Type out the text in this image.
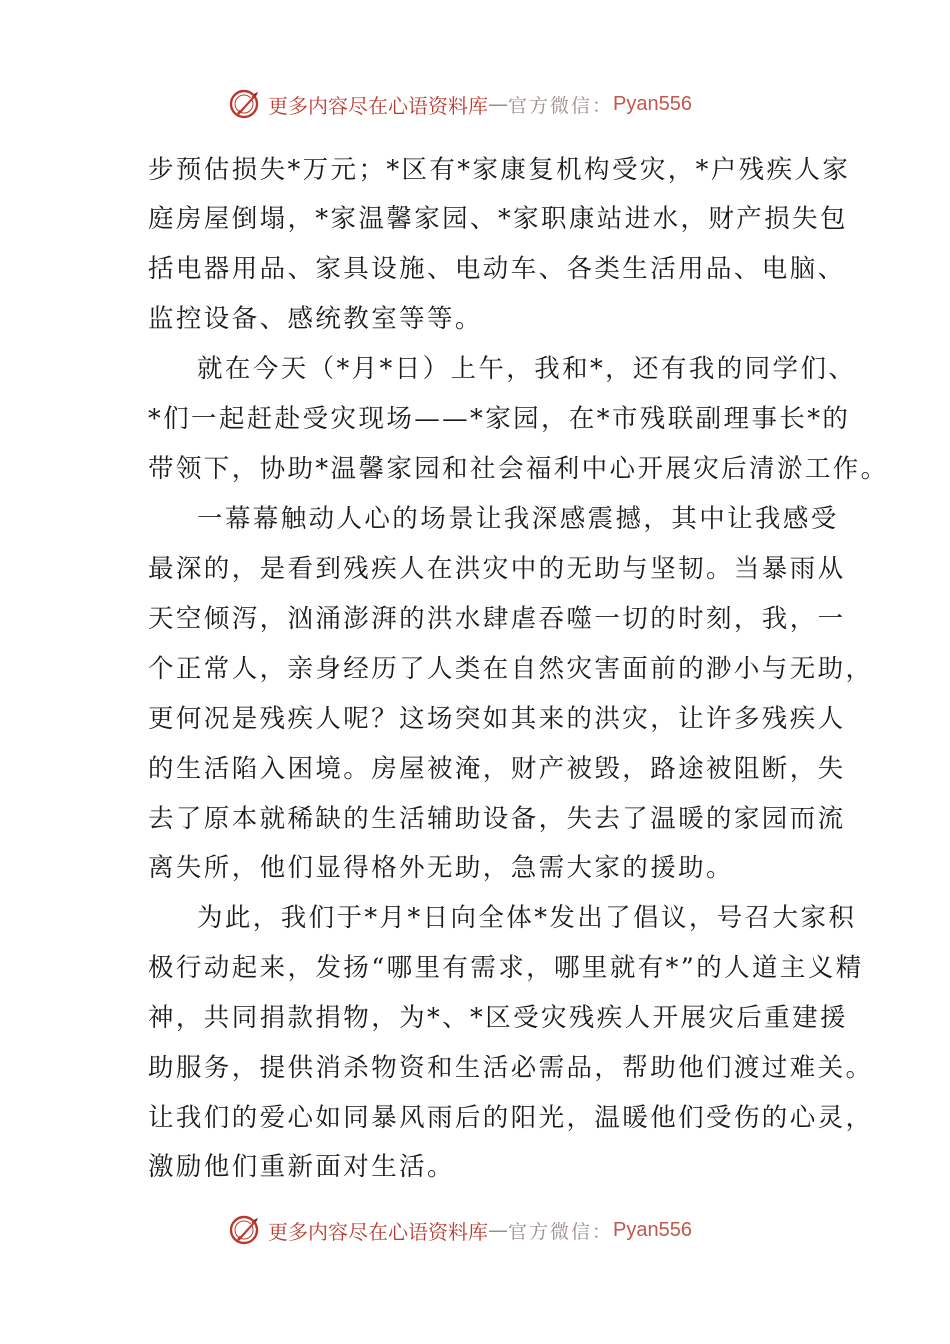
更多内容尽在心语资料库 — 官方微信： Pyan556
步预估损失*万元；*区有*家康复机构受灾，*户残疾人家
庭房屋倒塌，*家温馨家园、*家职康站进水，财产损失包
括电器用品、家具设施、电动车、各类生活用品、电脑、
监控设备、感统教室等等。
就在今天（*月*日）上午，我和*，还有我的同学们、
*们一起赶赴受灾现场——*家园，在*市残联副理事长*的
带领下，协助*温馨家园和社会福利中心开展灾后清淤工作。
一幕幕触动人心的场景让我深感震撼，其中让我感受
最深的，是看到残疾人在洪灾中的无助与坚韧。当暴雨从
天空倾泻，汹涌澎湃的洪水肆虐吞噬一切的时刻，我，一
个正常人，亲身经历了人类在自然灾害面前的渺小与无助，
更何况是残疾人呢？这场突如其来的洪灾，让许多残疾人
的生活陷入困境。房屋被淹，财产被毁，路途被阻断，失
去了原本就稀缺的生活辅助设备，失去了温暖的家园而流
离失所，他们显得格外无助，急需大家的援助。
为此，我们于*月*日向全体*发出了倡议，号召大家积
极行动起来，发扬“哪里有需求，哪里就有*”的人道主义精
神，共同捐款捐物，为*、*区受灾残疾人开展灾后重建援
助服务，提供消杀物资和生活必需品，帮助他们渡过难关。
让我们的爱心如同暴风雨后的阳光，温暖他们受伤的心灵，
激励他们重新面对生活。
更多内容尽在心语资料库 — 官方微信： Pyan556
